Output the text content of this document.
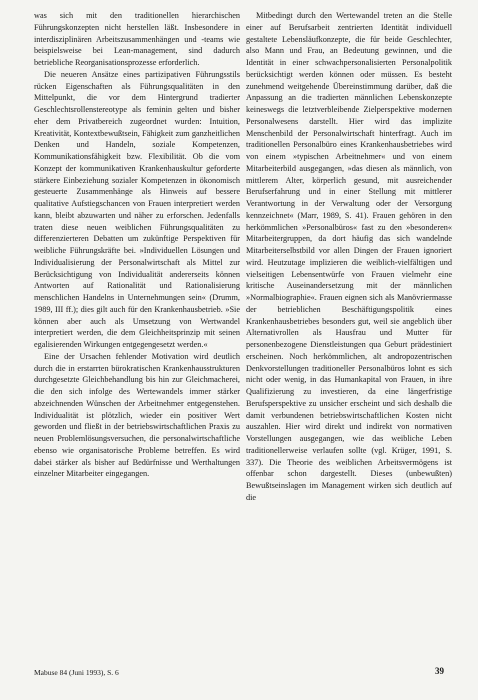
was sich mit den traditionellen hierarchischen Führungskonzepten nicht herstellen läßt. Insbesondere in interdisziplinären Arbeitszusammenhängen und -teams wie beispielsweise bei Lean-management, sind dadurch betriebliche Reorganisationsprozesse erforderlich.

Die neueren Ansätze eines partizipativen Führungsstils rücken Eigenschaften als Führungsqualitäten in den Mittelpunkt, die vor dem Hintergrund tradierter Geschlechtsrollenstereotype als feminin gelten und bisher eher dem Privatbereich zugeordnet wurden: Intuition, Kreativität, Kontextbewußtsein, Fähigkeit zum ganzheitlichen Denken und Handeln, soziale Kompetenzen, Kommunikationsfähigkeit bzw. Flexibilität. Ob die vom Konzept der kommunikativen Krankenhauskultur geforderte stärkere Einbeziehung sozialer Kompetenzen in ökonomisch gesteuerte Zusammenhänge als Hinweis auf bessere qualitative Aufstiegschancen von Frauen interpretiert werden kann, bleibt abzuwarten und näher zu erforschen. Jedenfalls traten diese neuen weiblichen Führungsqualitäten zu differenzierteren Debatten um zukünftige Perspektiven für weibliche Führungskräfte bei. »Individuellen Lösungen und Individualisierung der Personalwirtschaft als Mittel zur Berücksichtigung von Individualität andererseits können Antworten auf Rationalität und Rationalisierung menschlichen Handelns in Unternehmungen sein« (Drumm, 1989, III ff.); dies gilt auch für den Krankenhausbetrieb. »Sie können aber auch als Umsetzung von Wertwandel interpretiert werden, die dem Gleichheitsprinzip mit seinen egalisierenden Wirkungen entgegengesetzt werden.«

Eine der Ursachen fehlender Motivation wird deutlich durch die in erstarrten bürokratischen Krankenhausstrukturen durchgesetzte Gleichbehandlung bis hin zur Gleichmacherei, die den sich infolge des Wertewandels immer stärker abzeichnenden Wünschen der Arbeitnehmer entgegenstehen. Individualität ist plötzlich, wieder ein positiver Wert geworden und fließt in der betriebswirtschaftlichen Praxis zu neuen Problemlösungsversuchen, die personalwirtschaftliche ebenso wie organisatorische Probleme betreffen. Es wird dabei stärker als bisher auf Bedürfnisse und Werthaltungen einzelner Mitarbeiter eingegangen.

Mitbedingt durch den Wertewandel treten an die Stelle einer auf Berufsarbeit zentrierten Identität individuell gestaltete Lebensläufkonzepte, die für beide Geschlechter, also Mann und Frau, an Bedeutung gewinnen, und die Identität in einer schwachpersonalisierten Personalpolitik berücksichtigt werden können oder müssen. Es besteht zunehmend weitgehende Übereinstimmung darüber, daß die Anpassung an die tradierten männlichen Lebenskonzepte keineswegs die letztverbleibende Zielperspektive modernen Personalwesens darstellt. Hier wird das implizite Menschenbild der Personalwirtschaft hinterfragt. Auch im traditionellen Personalbüro eines Krankenhausbetriebes wird von einem »typischen Arbeitnehmer« und von einem Mitarbeiterbild ausgegangen, »das diesen als männlich, von mittlerem Alter, körperlich gesund, mit ausreichender Berufserfahrung und in einer Stellung mit mittlerer Verantwortung in der Verwaltung oder der Versorgung kennzeichnet« (Marr, 1989, S. 41). Frauen gehören in den herkömmlichen »Personalbüros« fast zu den »besonderen« Mitarbeitergruppen, da dort häufig das sich wandelnde Mitarbeiterselbstbild vor allen Dingen der Frauen ignoriert wird. Heutzutage implizieren die weiblich-vielfältigen und vielseitigen Lebensentwürfe von Frauen vielmehr eine kritische Auseinandersetzung mit der männlichen »Normalbiographie«. Frauen eignen sich als Manövriermasse der betrieblichen Beschäftigungspolitik eines Krankenhausbetriebes besonders gut, weil sie angeblich über Alternativrollen als Hausfrau und Mutter für personenbezogene Dienstleistungen qua Geburt prädestiniert erscheinen. Noch herkömmlichen, alt andropozentrischen Denkvorstellungen traditioneller Personalbüros lohnt es sich nicht oder wenig, in das Humankapital von Frauen, in ihre Qualifizierung zu investieren, da eine längerfristige Berufsperspektive zu unsicher erscheint und sich deshalb die damit verbundenen betriebswirtschaftlichen Kosten nicht auszahlen. Hier wird direkt und indirekt von normativen Vorstellungen ausgegangen, wie das weibliche Leben traditionellerweise verlaufen sollte (vgl. Krüger, 1991, S. 337). Die Theorie des weiblichen Arbeitsvermögens ist offenbar schon dargestellt. Dieses (unbewußten) Bewußtseinslagen im Management wirken sich deutlich auf die

Mabuse 84 (Juni 1993), S. 6	39
